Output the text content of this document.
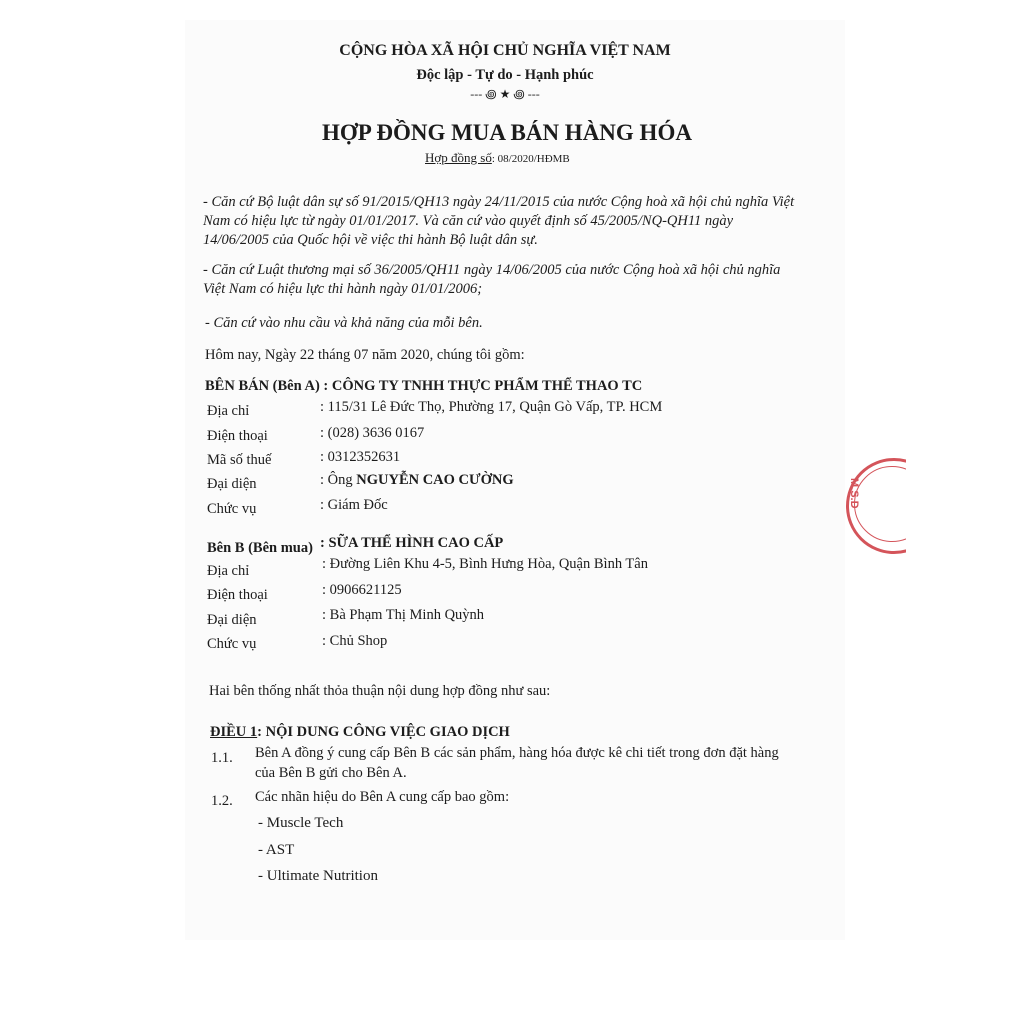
CỘNG HÒA XÃ HỘI CHỦ NGHĨA VIỆT NAM
Độc lập - Tự do - Hạnh phúc
--- ꩜ ★ ꩜ ---
HỢP ĐỒNG MUA BÁN HÀNG HÓA
Hợp đồng số: 08/2020/HĐMB
- Căn cứ Bộ luật dân sự số 91/2015/QH13 ngày 24/11/2015 của nước Cộng hoà xã hội chủ nghĩa Việt
Nam có hiệu lực từ ngày 01/01/2017. Và căn cứ vào quyết định số 45/2005/NQ-QH11 ngày
14/06/2005 của Quốc hội về việc thi hành Bộ luật dân sự.
- Căn cứ Luật thương mại số 36/2005/QH11 ngày 14/06/2005 của nước Cộng hoà xã hội chủ nghĩa
Việt Nam có hiệu lực thi hành ngày 01/01/2006;
- Căn cứ vào nhu cầu và khả năng của mỗi bên.
Hôm nay, Ngày 22 tháng 07 năm 2020, chúng tôi gồm:
BÊN BÁN (Bên A) : CÔNG TY TNHH THỰC PHẨM THỂ THAO TC
Địa chỉ	: 115/31 Lê Đức Thọ, Phường 17, Quận Gò Vấp, TP. HCM
Điện thoại	: (028) 3636 0167
Mã số thuế	: 0312352631
Đại diện	: Ông NGUYỄN CAO CƯỜNG
Chức vụ	: Giám Đốc
Bên B (Bên mua) : SỮA THỂ HÌNH CAO CẤP
Địa chỉ	: Đường Liên Khu 4-5, Bình Hưng Hòa, Quận Bình Tân
Điện thoại	: 0906621125
Đại diện	: Bà Phạm Thị Minh Quỳnh
Chức vụ	: Chủ Shop
Hai bên thống nhất thỏa thuận nội dung hợp đồng như sau:
ĐIỀU 1: NỘI DUNG CÔNG VIỆC GIAO DỊCH
1.1. Bên A đồng ý cung cấp Bên B các sản phẩm, hàng hóa được kê chi tiết trong đơn đặt hàng
của Bên B gửi cho Bên A.
1.2. Các nhãn hiệu do Bên A cung cấp bao gồm:
- Muscle Tech
- AST
- Ultimate Nutrition
M.S.D
